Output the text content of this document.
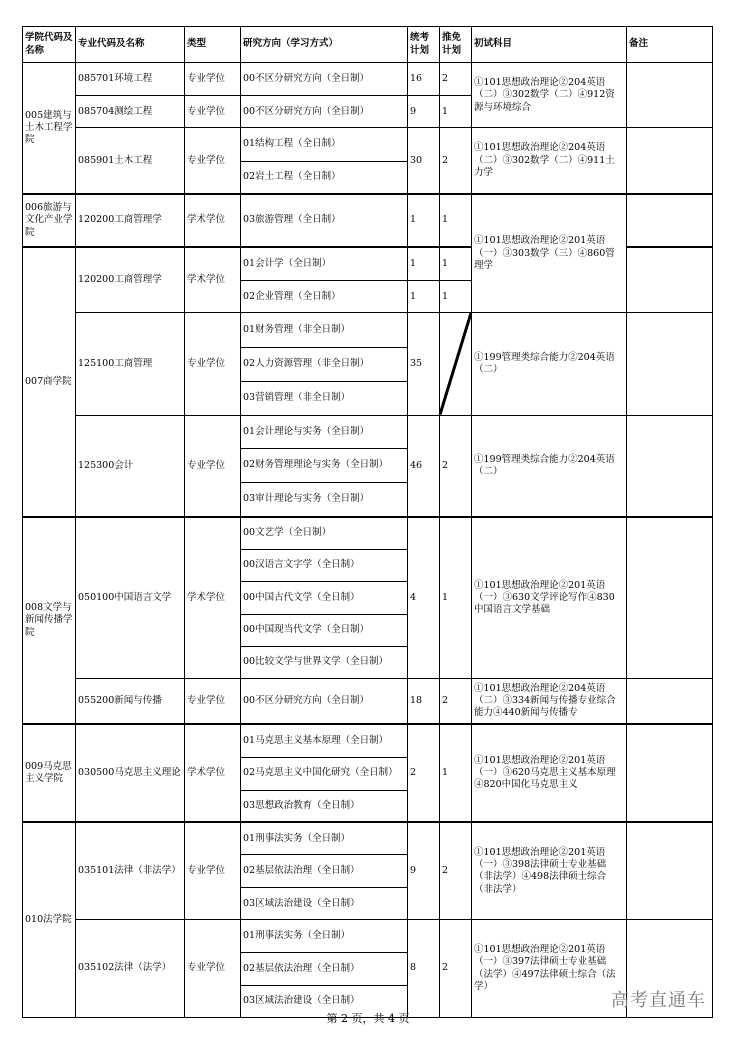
学院代码及名称	专业代码及名称	类型	研究方向（学习方式）	统考计划	推免计划	初试科目	备注
005建筑与土木工程学院	085701环境工程	专业学位	00不区分研究方向（全日制）	16	2	①101思想政治理论②204英语（二）③302数学（二）④912资源与环境综合	
	085704测绘工程	专业学位	00不区分研究方向（全日制）	9	1		
	085901土木工程	专业学位	01结构工程（全日制）	30	2	①101思想政治理论②204英语（二）③302数学（二）④911土力学	
			02岩土工程（全日制）				
006旅游与文化产业学院	120200工商管理学	学术学位	03旅游管理（全日制）	1	1	①101思想政治理论②201英语（一）③303数学（三）④860管理学	
007商学院	120200工商管理学	学术学位	01会计学（全日制）	1	1		
			02企业管理（全日制）	1	1		
	125100工商管理	专业学位	01财务管理（非全日制）	35		①199管理类综合能力②204英语（二）	
			02人力资源管理（非全日制）				
			03营销管理（非全日制）				
	125300会计	专业学位	01会计理论与实务（全日制）	46	2	①199管理类综合能力②204英语（二）	
			02财务管理理论与实务（全日制）				
			03审计理论与实务（全日制）				
008文学与新闻传播学院	050100中国语言文学	学术学位	00文艺学（全日制）	4	1	①101思想政治理论②201英语（一）③630文学评论写作④830中国语言文学基础	
			00汉语言文字学（全日制）				
			00中国古代文学（全日制）				
			00中国现当代文学（全日制）				
			00比较文学与世界文学（全日制）				
	055200新闻与传播	专业学位	00不区分研究方向（全日制）	18	2	①101思想政治理论②204英语（二）③334新闻与传播专业综合能力④440新闻与传播专	
009马克思主义学院	030500马克思主义理论	学术学位	01马克思主义基本原理（全日制）	2	1	①101思想政治理论②201英语（一）③620马克思主义基本原理④820中国化马克思主义	
			02马克思主义中国化研究（全日制）				
			03思想政治教育（全日制）				
010法学院	035101法律（非法学）	专业学位	01刑事法实务（全日制）	9	2	①101思想政治理论②201英语（一）③398法律硕士专业基础（非法学）④498法律硕士综合（非法学）	
			02基层依法治理（全日制）				
			03区域法治建设（全日制）				
	035102法律（法学）	专业学位	01刑事法实务（全日制）	8	2	①101思想政治理论②201英语（一）③397法律硕士专业基础（法学）④497法律硕士综合（法学）	
			02基层依法治理（全日制）				
			03区域法治建设（全日制）				
第 2 页，共 4 页
高考直通车
